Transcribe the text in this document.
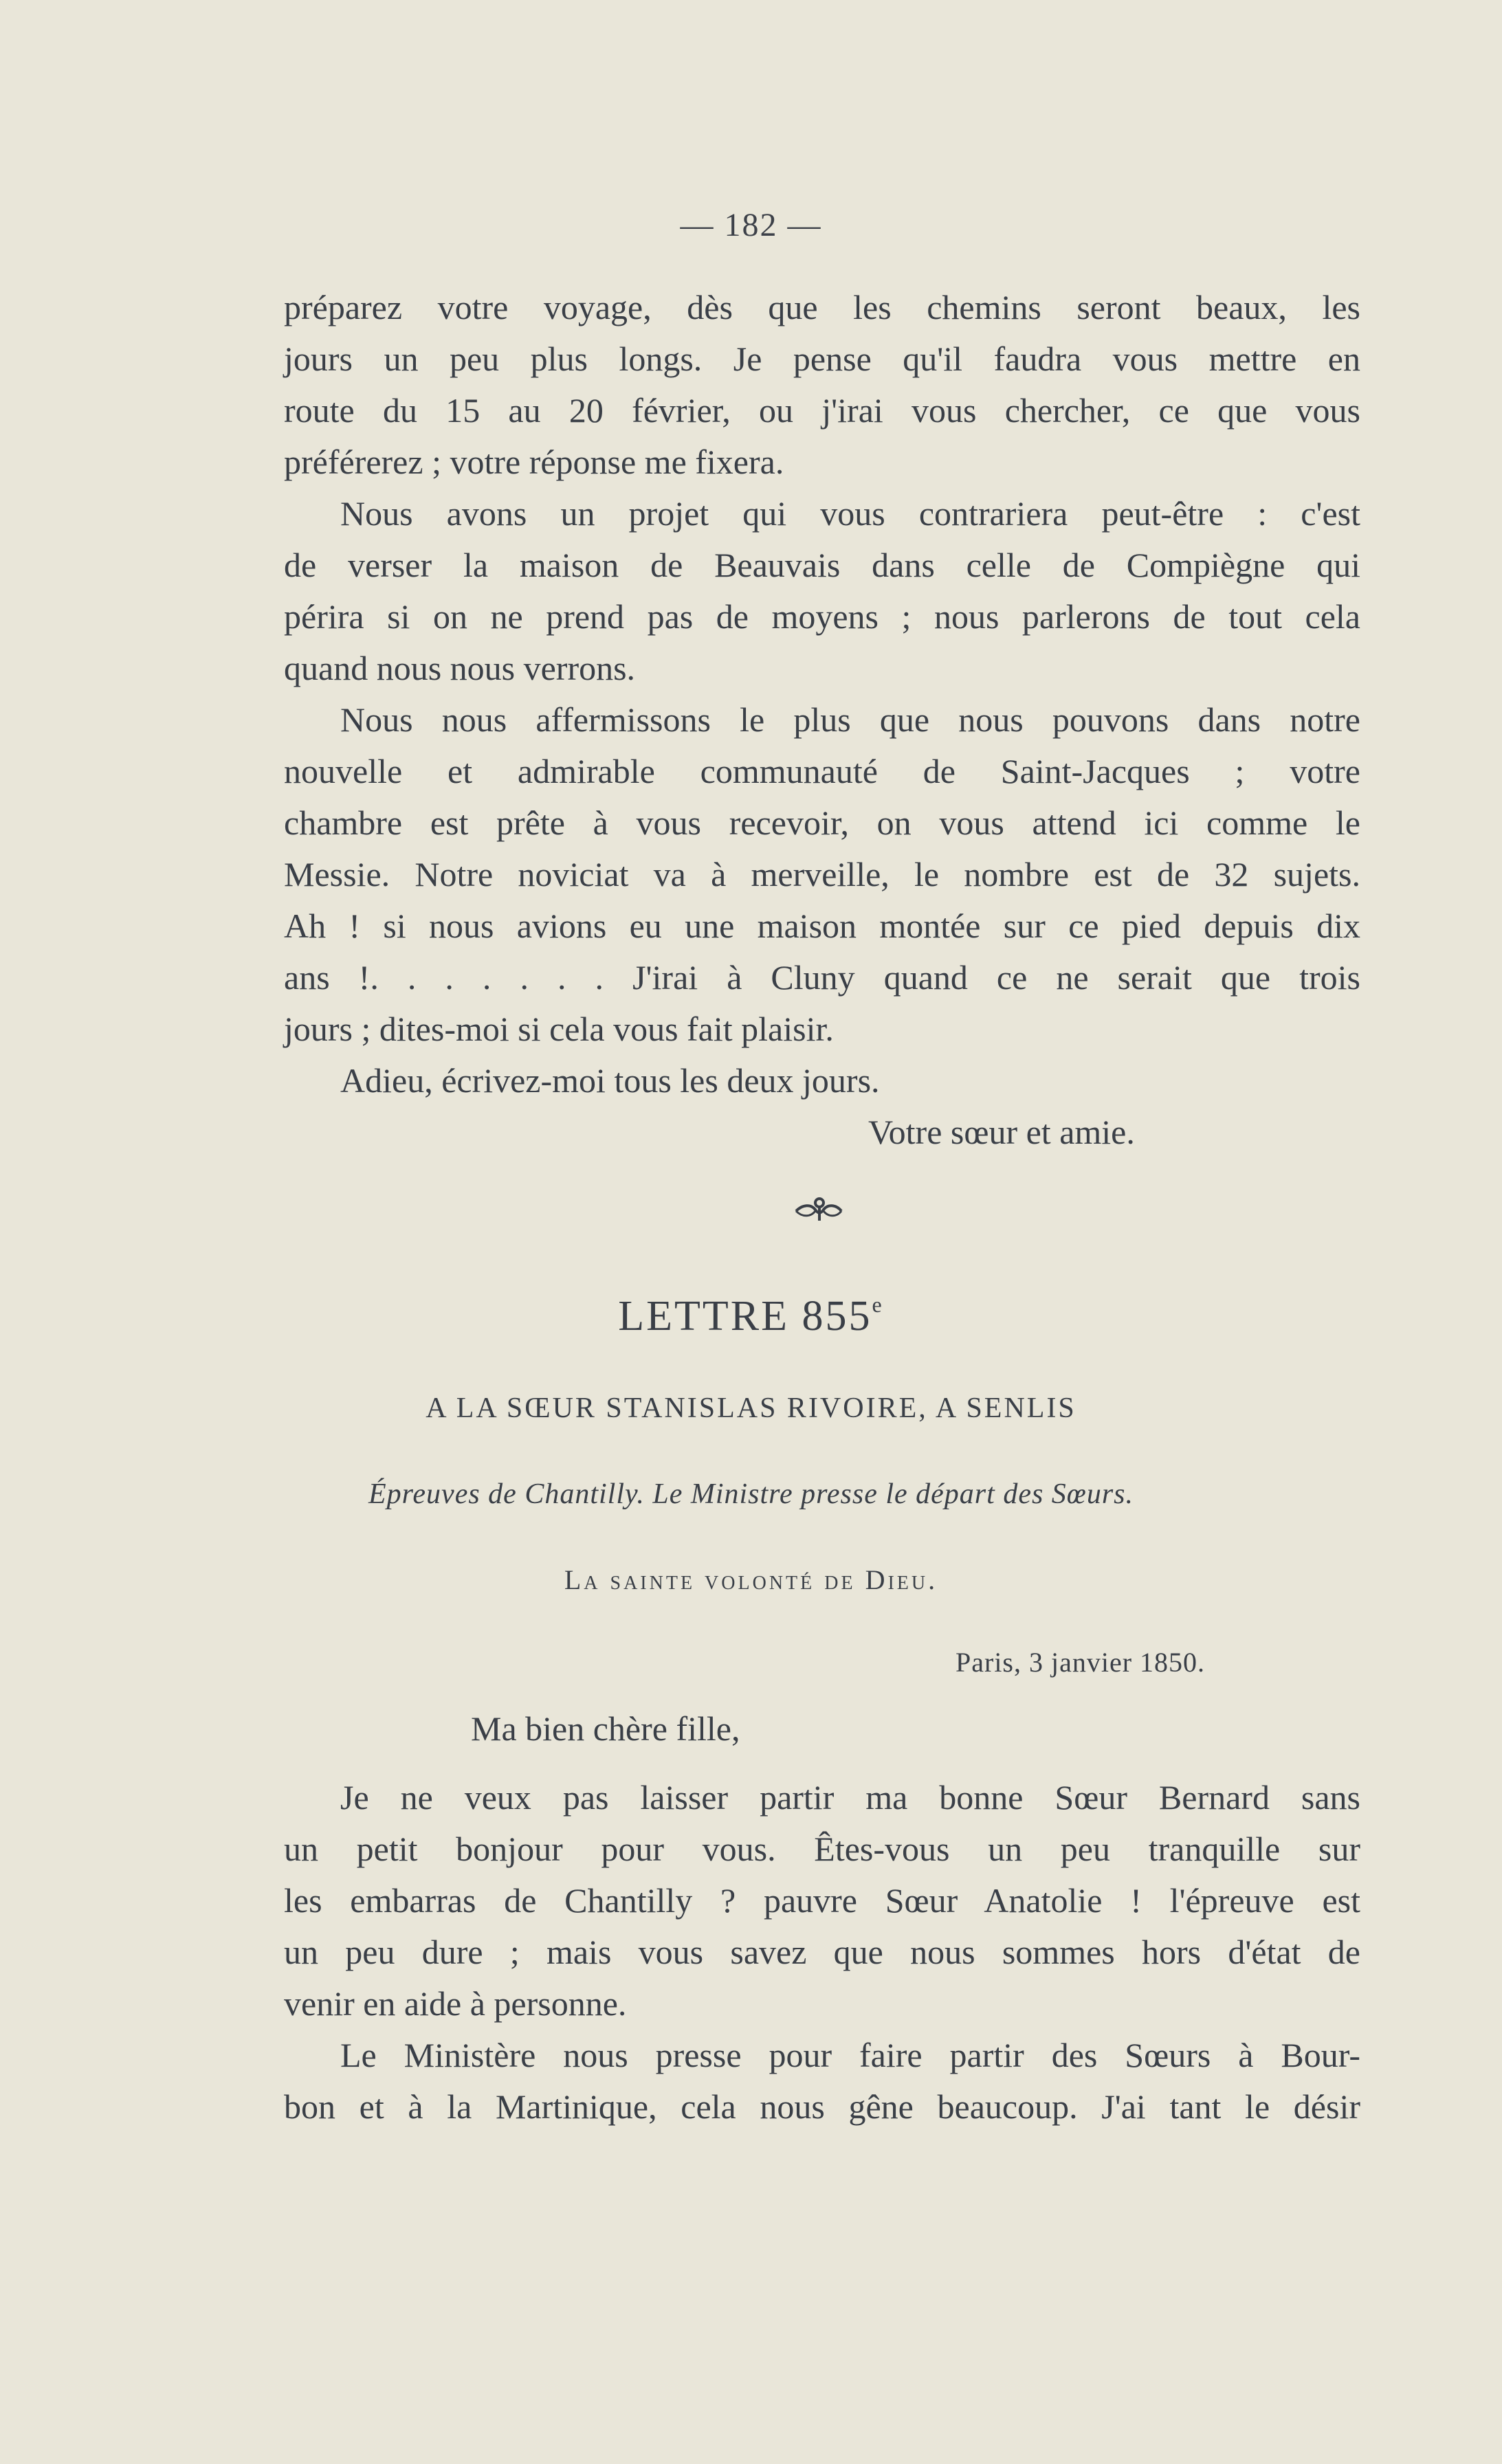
— 182 —
préparez votre voyage, dès que les chemins seront beaux, les
jours un peu plus longs. Je pense qu'il faudra vous mettre en
route du 15 au 20 février, ou j'irai vous chercher, ce que vous
préférerez ; votre réponse me fixera.
Nous avons un projet qui vous contrariera peut-être : c'est
de verser la maison de Beauvais dans celle de Compiègne qui
périra si on ne prend pas de moyens ; nous parlerons de tout cela
quand nous nous verrons.
Nous nous affermissons le plus que nous pouvons dans notre
nouvelle et admirable communauté de Saint-Jacques ; votre
chambre est prête à vous recevoir, on vous attend ici comme le
Messie. Notre noviciat va à merveille, le nombre est de 32 sujets.
Ah ! si nous avions eu une maison montée sur ce pied depuis dix
ans !. . . . . . . J'irai à Cluny quand ce ne serait que trois
jours ; dites-moi si cela vous fait plaisir.
Adieu, écrivez-moi tous les deux jours.
Votre sœur et amie.
LETTRE 855e
A LA SŒUR STANISLAS RIVOIRE, A SENLIS
Épreuves de Chantilly. Le Ministre presse le départ des Sœurs.
La sainte volonté de Dieu.
Paris, 3 janvier 1850.
Ma bien chère fille,
Je ne veux pas laisser partir ma bonne Sœur Bernard sans
un petit bonjour pour vous. Êtes-vous un peu tranquille sur
les embarras de Chantilly ? pauvre Sœur Anatolie ! l'épreuve est
un peu dure ; mais vous savez que nous sommes hors d'état de
venir en aide à personne.
Le Ministère nous presse pour faire partir des Sœurs à Bour-
bon et à la Martinique, cela nous gêne beaucoup. J'ai tant le désir
